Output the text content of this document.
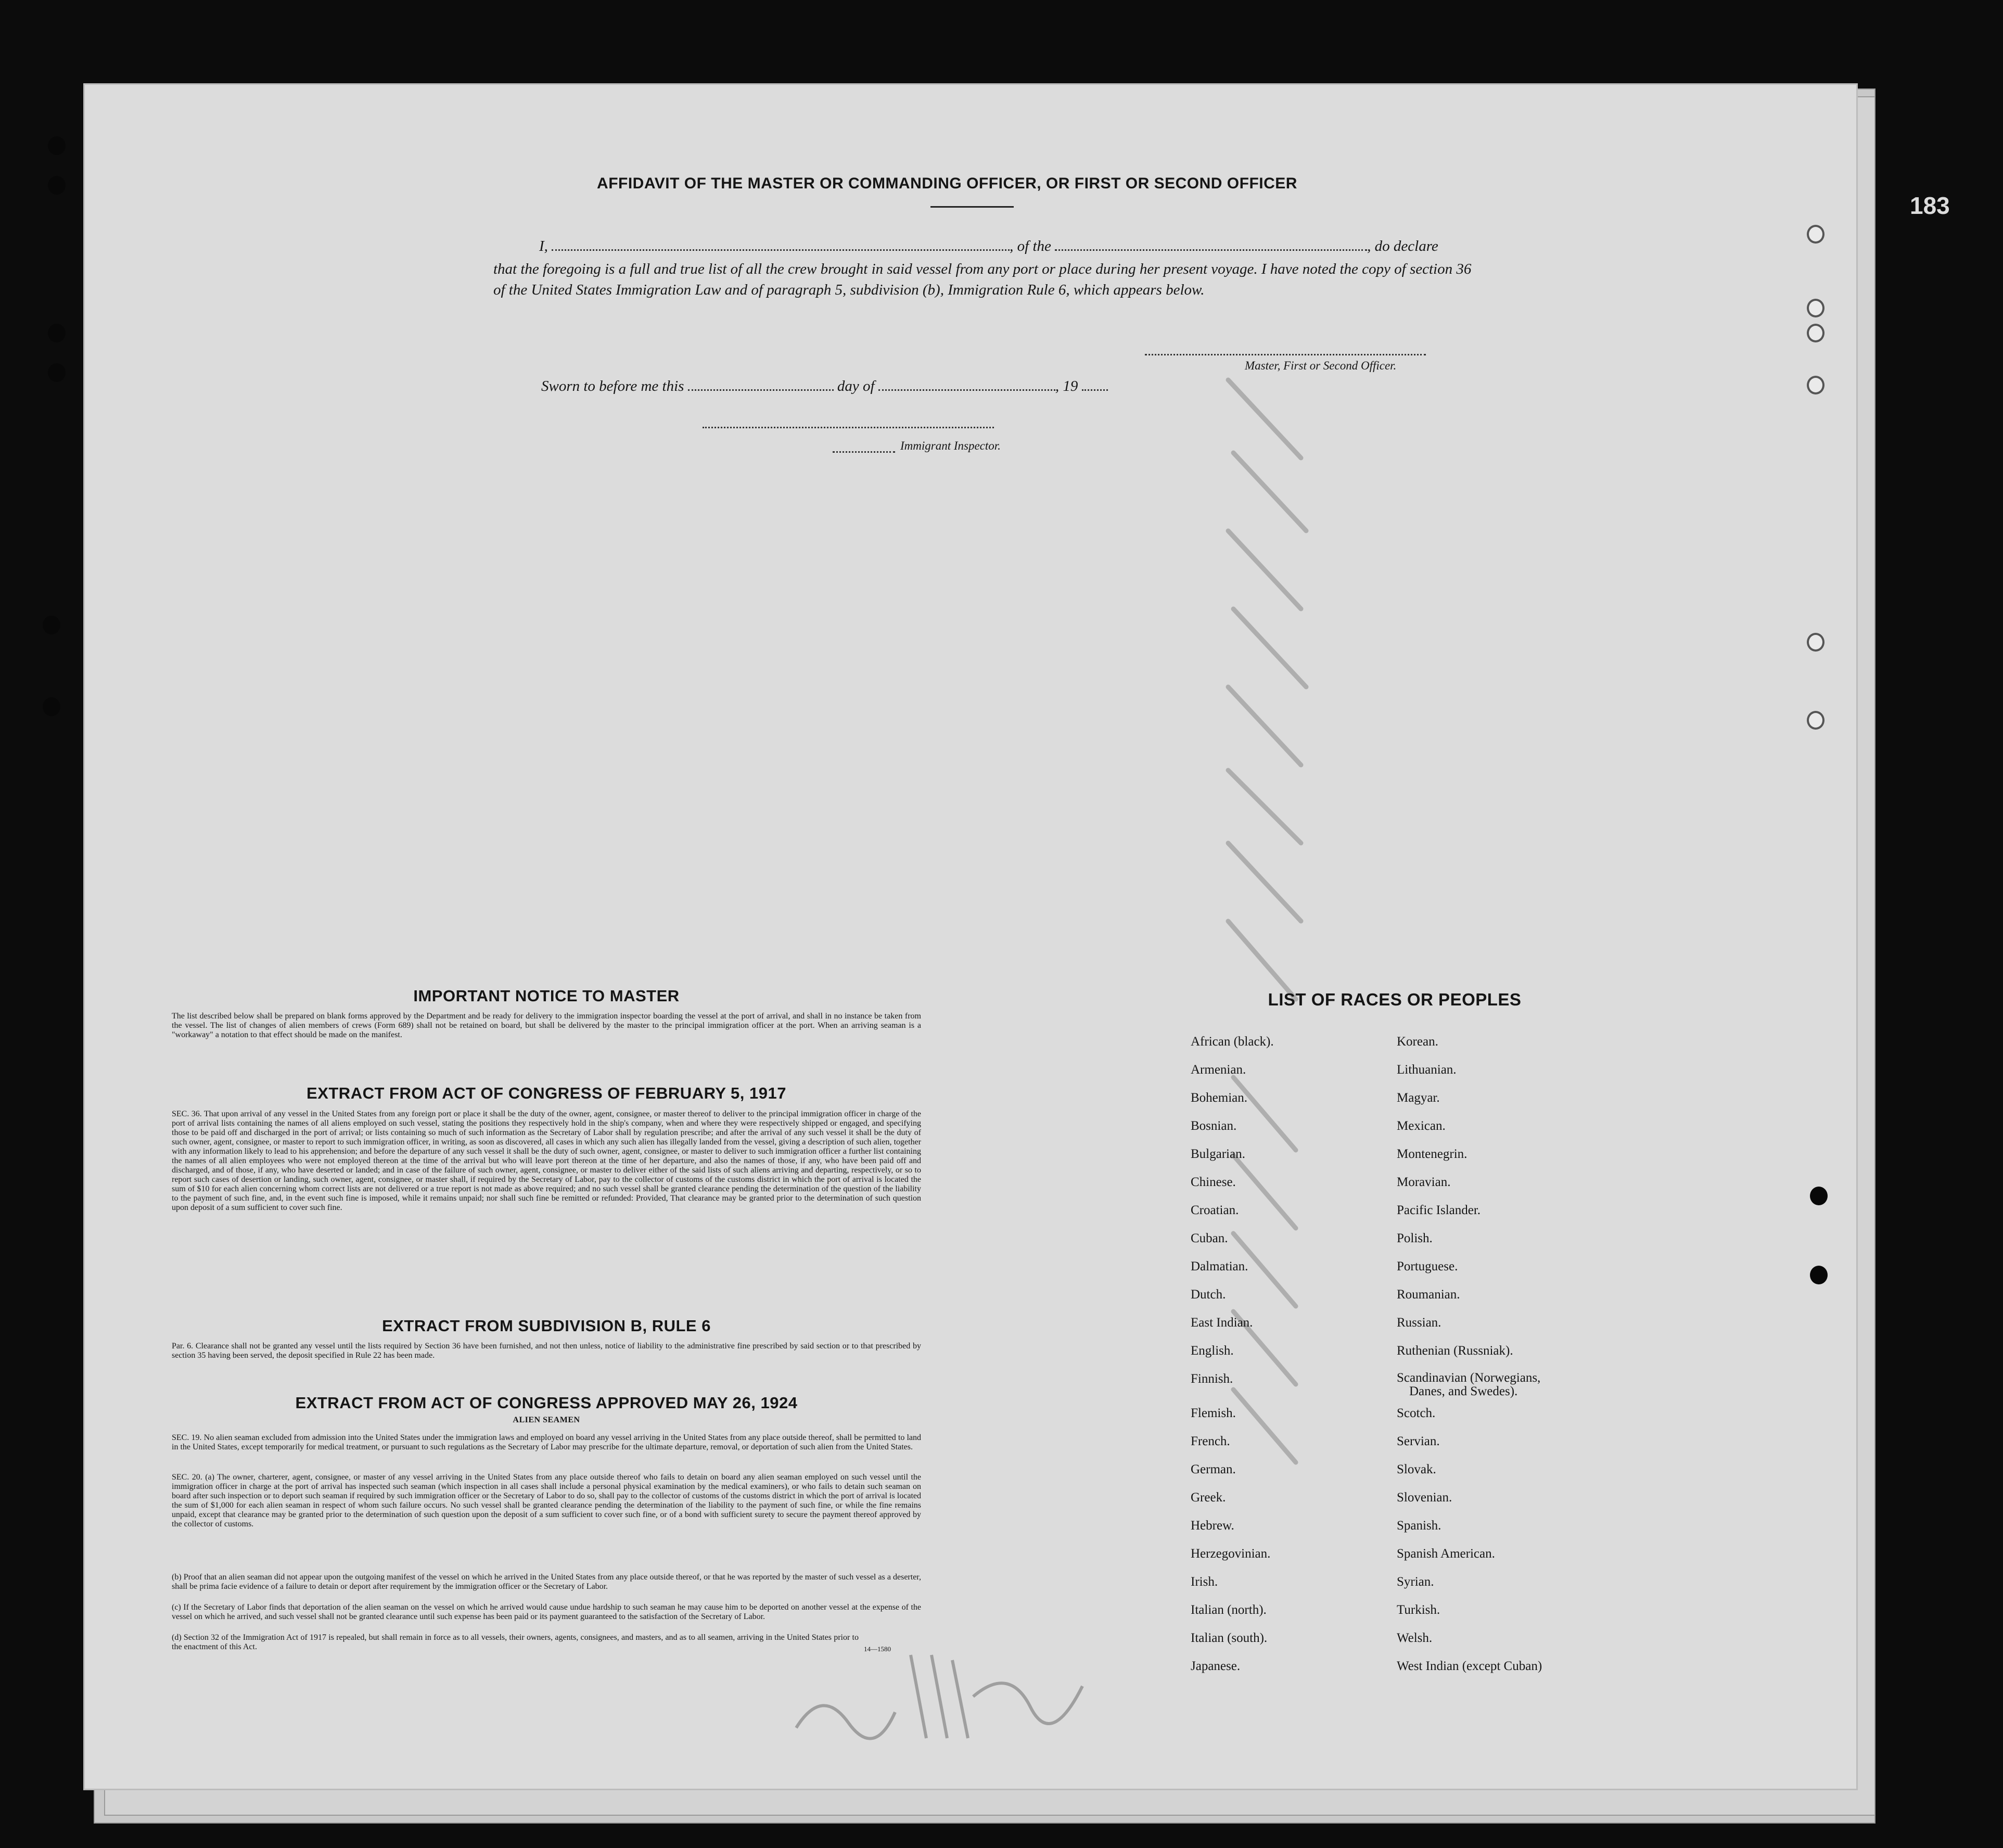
183
AFFIDAVIT OF THE MASTER OR COMMANDING OFFICER, OR FIRST OR SECOND OFFICER
I,	, of the	, do declare
that the foregoing is a full and true list of all the crew brought in said vessel from any port or place during her present voyage. I have noted the copy of section 36 of the United States Immigration Law and of paragraph 5, subdivision (b), Immigration Rule 6, which appears below.
Master, First or Second Officer.
Sworn to before me this	day of	, 19
Immigrant Inspector.
IMPORTANT NOTICE TO MASTER
The list described below shall be prepared on blank forms approved by the Department and be ready for delivery to the immigration inspector boarding the vessel at the port of arrival, and shall in no instance be taken from the vessel. The list of changes of alien members of crews (Form 689) shall not be retained on board, but shall be delivered by the master to the principal immigration officer at the port. When an arriving seaman is a "workaway" a notation to that effect should be made on the manifest.
EXTRACT FROM ACT OF CONGRESS OF FEBRUARY 5, 1917
SEC. 36. That upon arrival of any vessel in the United States from any foreign port or place it shall be the duty of the owner, agent, consignee, or master thereof to deliver to the principal immigration officer in charge of the port of arrival lists containing the names of all aliens employed on such vessel, stating the positions they respectively hold in the ship's company, when and where they were respectively shipped or engaged, and specifying those to be paid off and discharged in the port of arrival; or lists containing so much of such information as the Secretary of Labor shall by regulation prescribe; and after the arrival of any such vessel it shall be the duty of such owner, agent, consignee, or master to report to such immigration officer, in writing, as soon as discovered, all cases in which any such alien has illegally landed from the vessel, giving a description of such alien, together with any information likely to lead to his apprehension; and before the departure of any such vessel it shall be the duty of such owner, agent, consignee, or master to deliver to such immigration officer a further list containing the names of all alien employees who were not employed thereon at the time of the arrival but who will leave port thereon at the time of her departure, and also the names of those, if any, who have been paid off and discharged, and of those, if any, who have deserted or landed; and in case of the failure of such owner, agent, consignee, or master to deliver either of the said lists of such aliens arriving and departing, respectively, or so to report such cases of desertion or landing, such owner, agent, consignee, or master shall, if required by the Secretary of Labor, pay to the collector of customs of the customs district in which the port of arrival is located the sum of $10 for each alien concerning whom correct lists are not delivered or a true report is not made as above required; and no such vessel shall be granted clearance pending the determination of the question of the liability to the payment of such fine, and, in the event such fine is imposed, while it remains unpaid; nor shall such fine be remitted or refunded: Provided, That clearance may be granted prior to the determination of such question upon deposit of a sum sufficient to cover such fine.
EXTRACT FROM SUBDIVISION B, RULE 6
Par. 6. Clearance shall not be granted any vessel until the lists required by Section 36 have been furnished, and not then unless, notice of liability to the administrative fine prescribed by said section or to that prescribed by section 35 having been served, the deposit specified in Rule 22 has been made.
EXTRACT FROM ACT OF CONGRESS APPROVED MAY 26, 1924
ALIEN SEAMEN
SEC. 19. No alien seaman excluded from admission into the United States under the immigration laws and employed on board any vessel arriving in the United States from any place outside thereof, shall be permitted to land in the United States, except temporarily for medical treatment, or pursuant to such regulations as the Secretary of Labor may prescribe for the ultimate departure, removal, or deportation of such alien from the United States.
SEC. 20. (a) The owner, charterer, agent, consignee, or master of any vessel arriving in the United States from any place outside thereof who fails to detain on board any alien seaman employed on such vessel until the immigration officer in charge at the port of arrival has inspected such seaman (which inspection in all cases shall include a personal physical examination by the medical examiners), or who fails to detain such seaman on board after such inspection or to deport such seaman if required by such immigration officer or the Secretary of Labor to do so, shall pay to the collector of customs of the customs district in which the port of arrival is located the sum of $1,000 for each alien seaman in respect of whom such failure occurs. No such vessel shall be granted clearance pending the determination of the liability to the payment of such fine, or while the fine remains unpaid, except that clearance may be granted prior to the determination of such question upon the deposit of a sum sufficient to cover such fine, or of a bond with sufficient surety to secure the payment thereof approved by the collector of customs.
(b) Proof that an alien seaman did not appear upon the outgoing manifest of the vessel on which he arrived in the United States from any place outside thereof, or that he was reported by the master of such vessel as a deserter, shall be prima facie evidence of a failure to detain or deport after requirement by the immigration officer or the Secretary of Labor.
(c) If the Secretary of Labor finds that deportation of the alien seaman on the vessel on which he arrived would cause undue hardship to such seaman he may cause him to be deported on another vessel at the expense of the vessel on which he arrived, and such vessel shall not be granted clearance until such expense has been paid or its payment guaranteed to the satisfaction of the Secretary of Labor.
(d) Section 32 of the Immigration Act of 1917 is repealed, but shall remain in force as to all vessels, their owners, agents, consignees, and masters, and as to all seamen, arriving in the United States prior to the enactment of this Act.	14—1580
LIST OF RACES OR PEOPLES
African (black).
Armenian.
Bohemian.
Bosnian.
Bulgarian.
Chinese.
Croatian.
Cuban.
Dalmatian.
Dutch.
East Indian.
English.
Finnish.
Flemish.
French.
German.
Greek.
Hebrew.
Herzegovinian.
Irish.
Italian (north).
Italian (south).
Japanese.
Korean.
Lithuanian.
Magyar.
Mexican.
Montenegrin.
Moravian.
Pacific Islander.
Polish.
Portuguese.
Roumanian.
Russian.
Ruthenian (Russniak).
Scandinavian (Norwegians,
Danes, and Swedes).
Scotch.
Servian.
Slovak.
Slovenian.
Spanish.
Spanish American.
Syrian.
Turkish.
Welsh.
West Indian (except Cuban)
